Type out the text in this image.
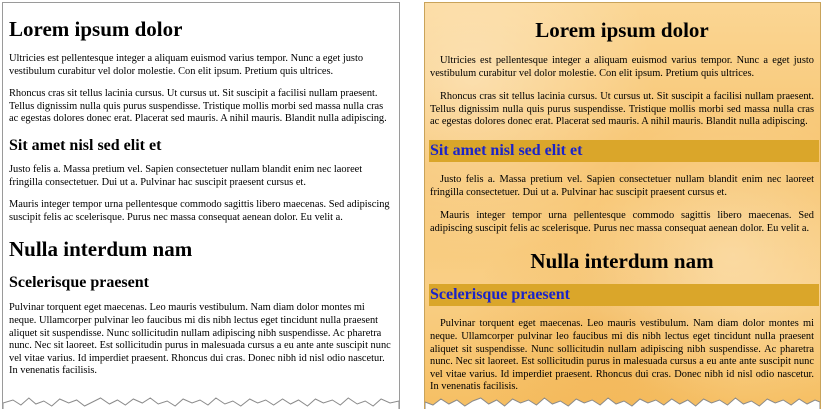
Lorem ipsum dolor

Ultricies est pellentesque integer a aliquam euismod varius tempor. Nunc a eget justo vestibulum curabitur vel dolor molestie. Con elit ipsum. Pretium quis ultrices.

Rhoncus cras sit tellus lacinia cursus. Ut cursus ut. Sit suscipit a facilisi nullam praesent. Tellus dignissim nulla quis purus suspendisse. Tristique mollis morbi sed massa nulla cras ac egestas dolores donec erat. Placerat sed mauris. A nihil mauris. Blandit nulla adipiscing.

Sit amet nisl sed elit et

Justo felis a. Massa pretium vel. Sapien consectetuer nullam blandit enim nec laoreet fringilla consectetuer. Dui ut a. Pulvinar hac suscipit praesent cursus et.

Mauris integer tempor urna pellentesque commodo sagittis libero maecenas. Sed adipiscing suscipit felis ac scelerisque. Purus nec massa consequat aenean dolor. Eu velit a.

Nulla interdum nam
Scelerisque praesent

Pulvinar torquent eget maecenas. Leo mauris vestibulum. Nam diam dolor montes mi neque. Ullamcorper pulvinar leo faucibus mi dis nibh lectus eget tincidunt nulla praesent aliquet sit suspendisse. Nunc sollicitudin nullam adipiscing nibh suspendisse. Ac pharetra nunc. Nec sit laoreet. Est sollicitudin purus in malesuada cursus a eu ante ante suscipit nunc vel vitae varius. Id imperdiet praesent. Rhoncus dui cras. Donec nibh id nisl odio nascetur. In venenatis facilisis.

Lorem ipsum dolor

Ultricies est pellentesque integer a aliquam euismod varius tempor. Nunc a eget justo vestibulum curabitur vel dolor molestie. Con elit ipsum. Pretium quis ultrices.

Rhoncus cras sit tellus lacinia cursus. Ut cursus ut. Sit suscipit a facilisi nullam praesent. Tellus dignissim nulla quis purus suspendisse. Tristique mollis morbi sed massa nulla cras ac egestas dolores donec erat. Placerat sed mauris. A nihil mauris. Blandit nulla adipiscing.

Sit amet nisl sed elit et

Justo felis a. Massa pretium vel. Sapien consectetuer nullam blandit enim nec laoreet fringilla consectetuer. Dui ut a. Pulvinar hac suscipit praesent cursus et.

Mauris integer tempor urna pellentesque commodo sagittis libero maecenas. Sed adipiscing suscipit felis ac scelerisque. Purus nec massa consequat aenean dolor. Eu velit a.

Nulla interdum nam
Scelerisque praesent

Pulvinar torquent eget maecenas. Leo mauris vestibulum. Nam diam dolor montes mi neque. Ullamcorper pulvinar leo faucibus mi dis nibh lectus eget tincidunt nulla praesent aliquet sit suspendisse. Nunc sollicitudin nullam adipiscing nibh suspendisse. Ac pharetra nunc. Nec sit laoreet. Est sollicitudin purus in malesuada cursus a eu ante ante suscipit nunc vel vitae varius. Id imperdiet praesent. Rhoncus dui cras. Donec nibh id nisl odio nascetur. In venenatis facilisis.
